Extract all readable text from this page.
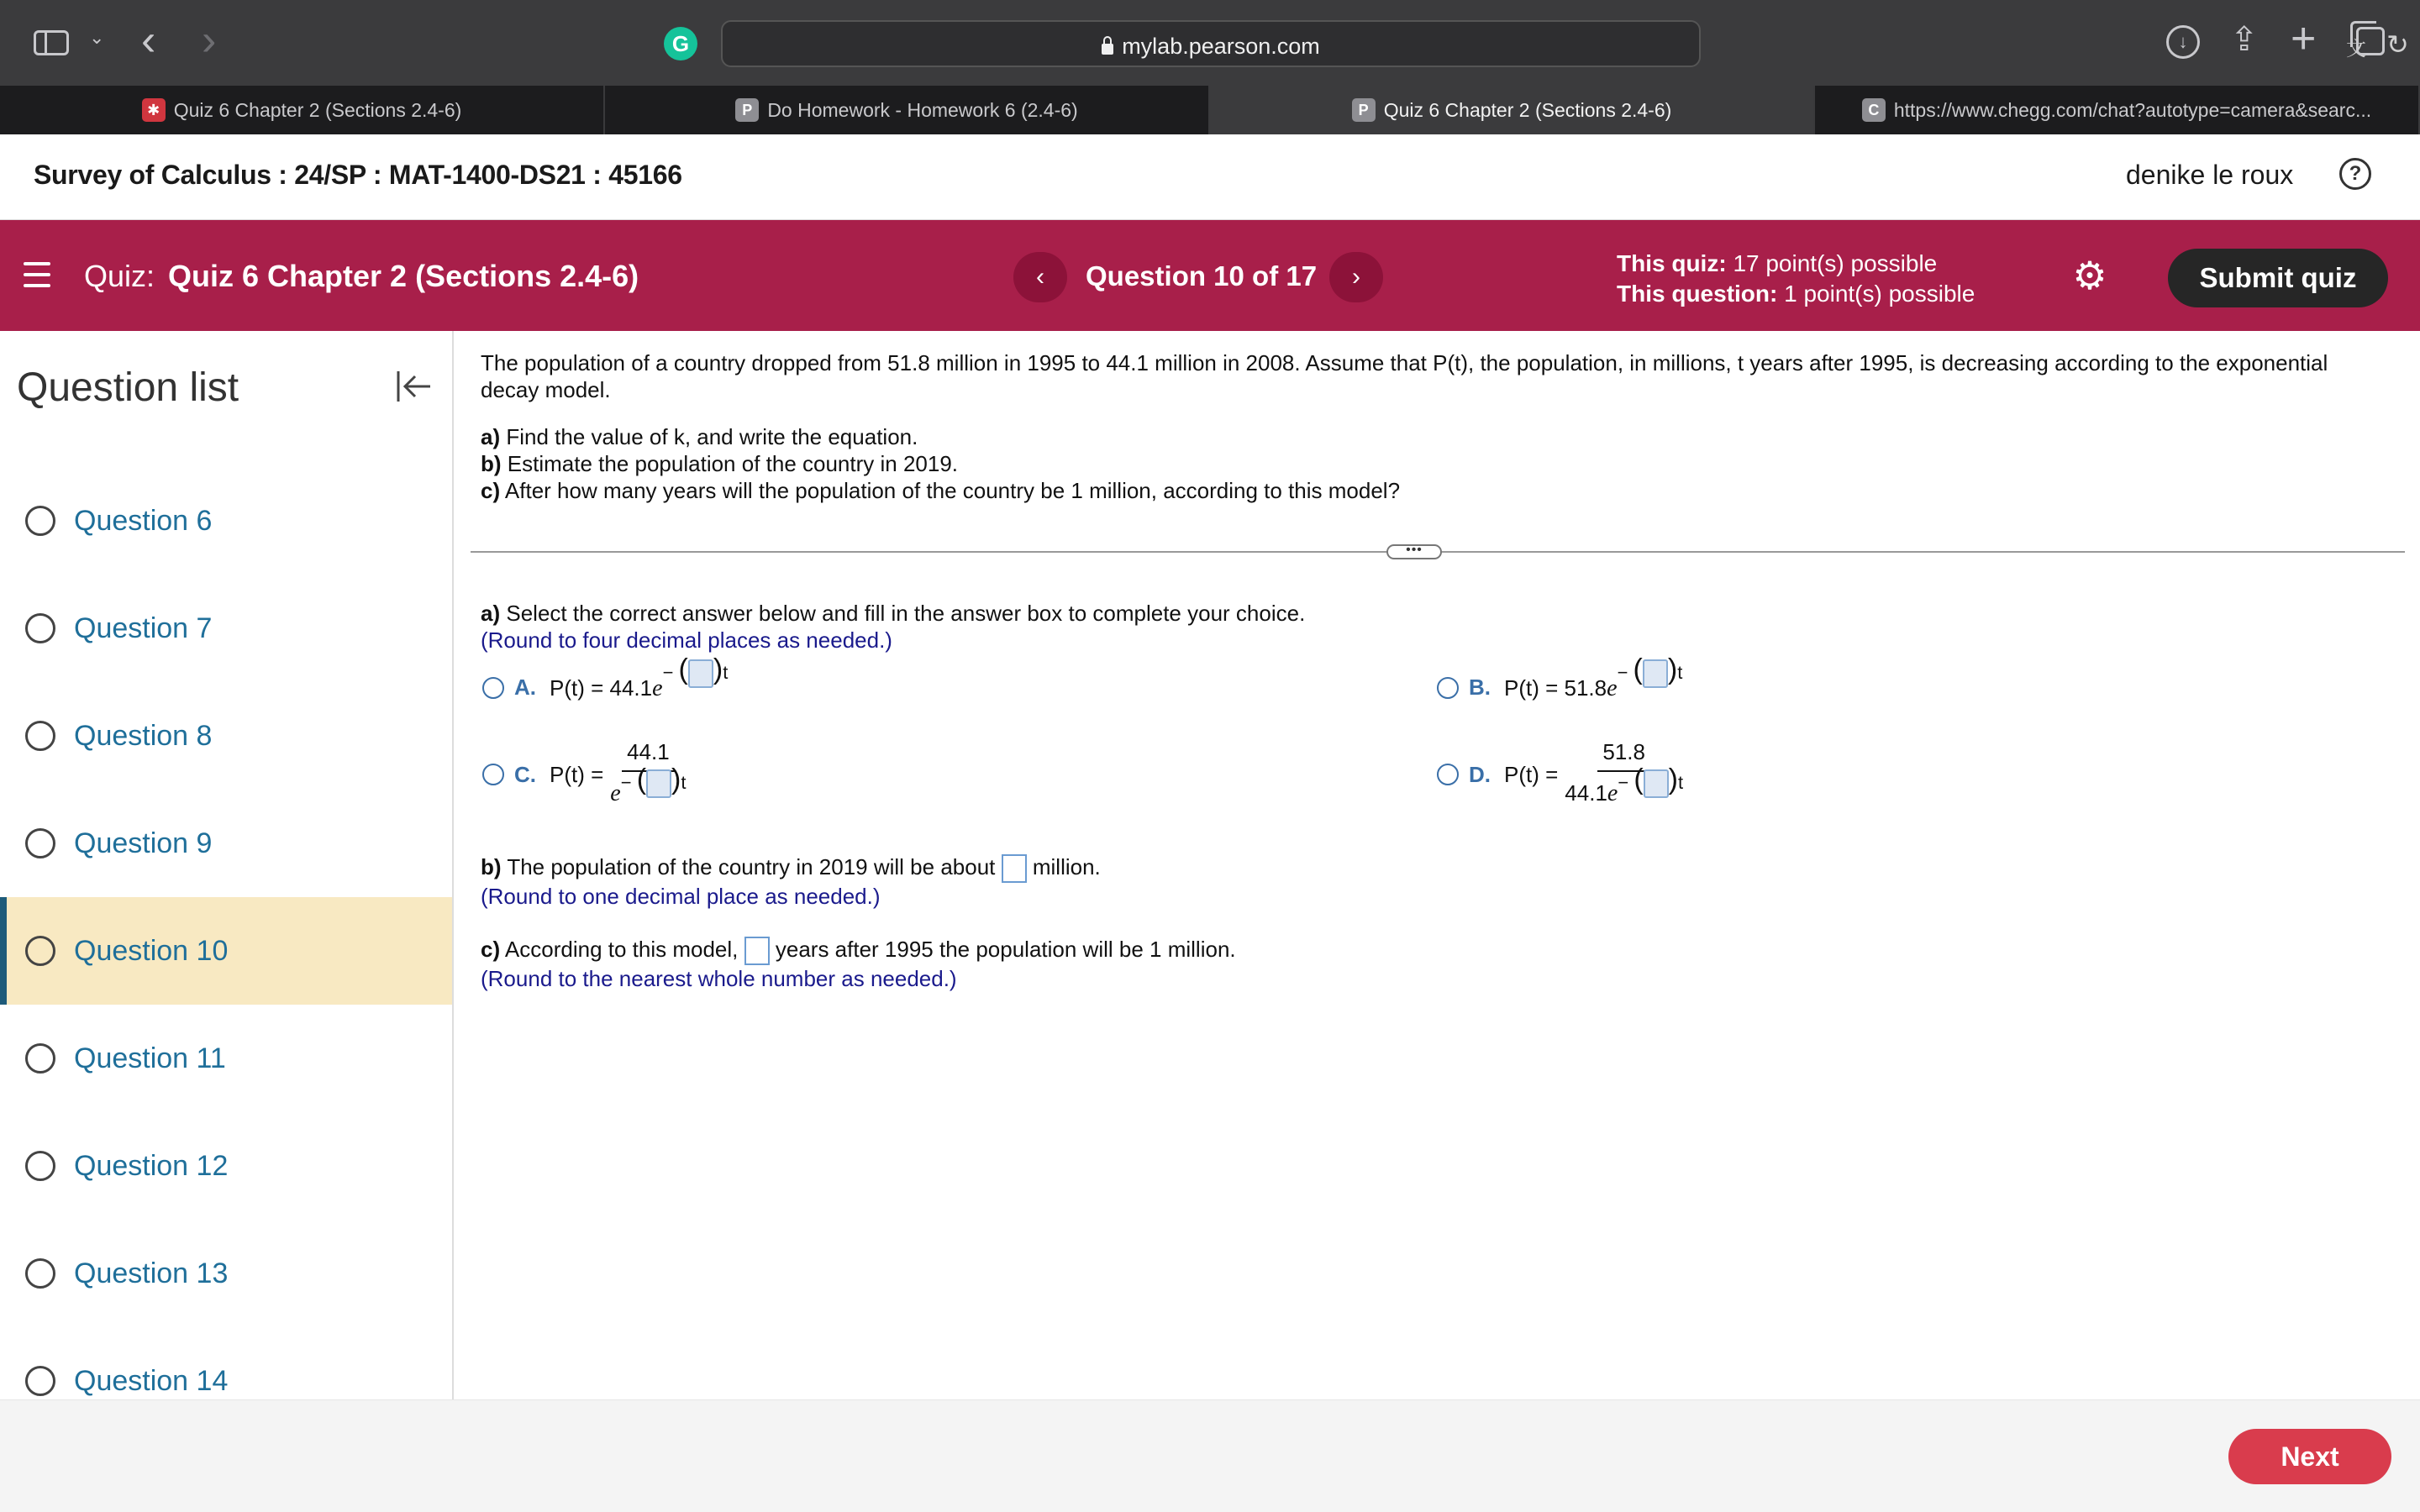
⌄ ‹ ›	G	mylab.pearson.com	文 ↻
↓	⇪ +
✱ Quiz 6 Chapter 2 (Sections 2.4-6)	P Do Homework - Homework 6 (2.4-6)	P Quiz 6 Chapter 2 (Sections 2.4-6)	C https://www.chegg.com/chat?autotype=camera&searc...
Survey of Calculus : 24/SP : MAT-1400-DS21 : 45166	denike le roux	?
Quiz: Quiz 6 Chapter 2 (Sections 2.4-6)	‹	Question 10 of 17	›	This quiz: 17 point(s) possible
This question: 1 point(s) possible	⚙	Submit quiz
Question list
Question 6
Question 7
Question 8
Question 9
Question 10
Question 11
Question 12
Question 13
Question 14
The population of a country dropped from 51.8 million in 1995 to 44.1 million in 2008. Assume that P(t), the population, in millions, t years after 1995, is decreasing according to the exponential decay model.
a) Find the value of k, and write the equation.
b) Estimate the population of the country in 2019.
c) After how many years will the population of the country be 1 million, according to this model?
•••
a) Select the correct answer below and fill in the answer box to complete your choice.
(Round to four decimal places as needed.)
A. $P(t) = 44.1e^{- ( )t}$
B. $P(t) = 51.8e^{- ( )t}$
C. $P(t) = \frac{44.1}{e^{- ( )t}}$	D. $P(t) = \frac{51.8}{44.1e^{- ( )t}}$
b) The population of the country in 2019 will be about million.
(Round to one decimal place as needed.)
c) According to this model, years after 1995 the population will be 1 million.
(Round to the nearest whole number as needed.)
Next
